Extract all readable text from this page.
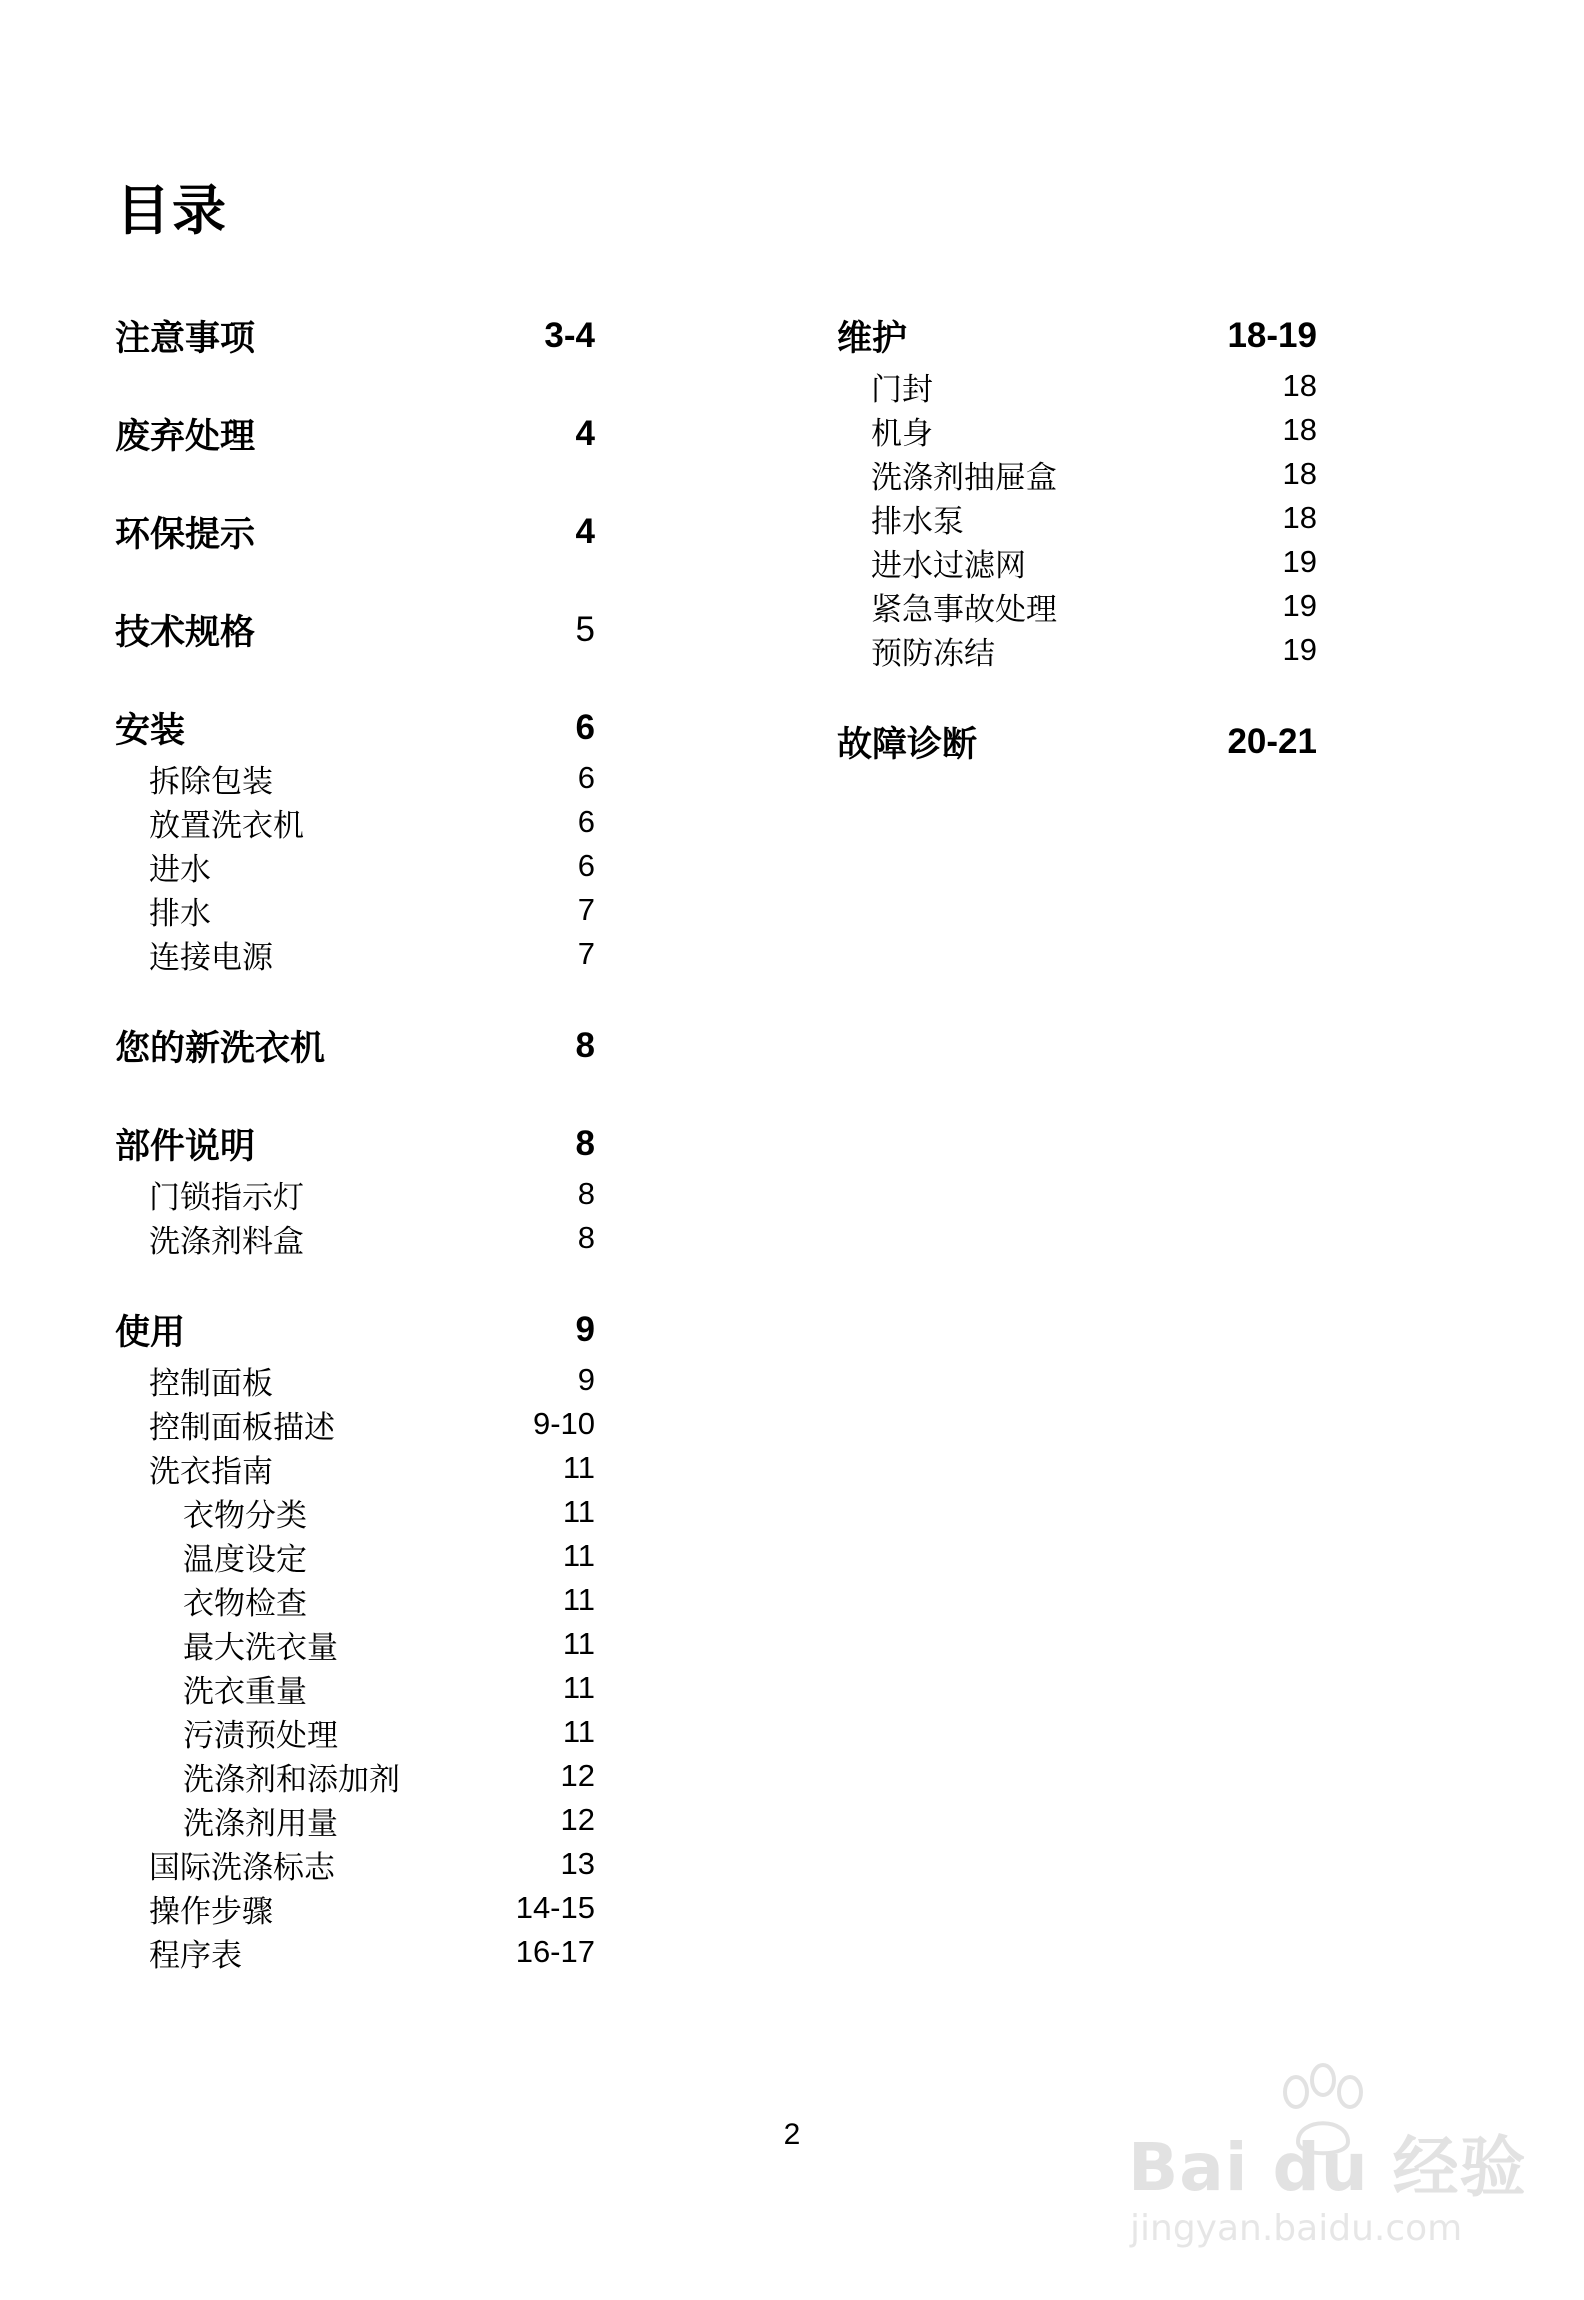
目录
注意事项	3-4
废弃处理	4
环保提示	4
技术规格	5
安装	6
拆除包装	6
放置洗衣机	6
进水	6
排水	7
连接电源	7
您的新洗衣机	8
部件说明	8
门锁指示灯	8
洗涤剂料盒	8
使用	9
控制面板	9
控制面板描述	9-10
洗衣指南	11
衣物分类	11
温度设定	11
衣物检查	11
最大洗衣量	11
洗衣重量	11
污渍预处理	11
洗涤剂和添加剂	12
洗涤剂用量	12
国际洗涤标志	13
操作步骤	14-15
程序表	16-17
维护	18-19
门封	18
机身	18
洗涤剂抽屉盒	18
排水泵	18
进水过滤网	19
紧急事故处理	19
预防冻结	19
故障诊断	20-21
2	Bai du 经验
jingyan.baidu.com
